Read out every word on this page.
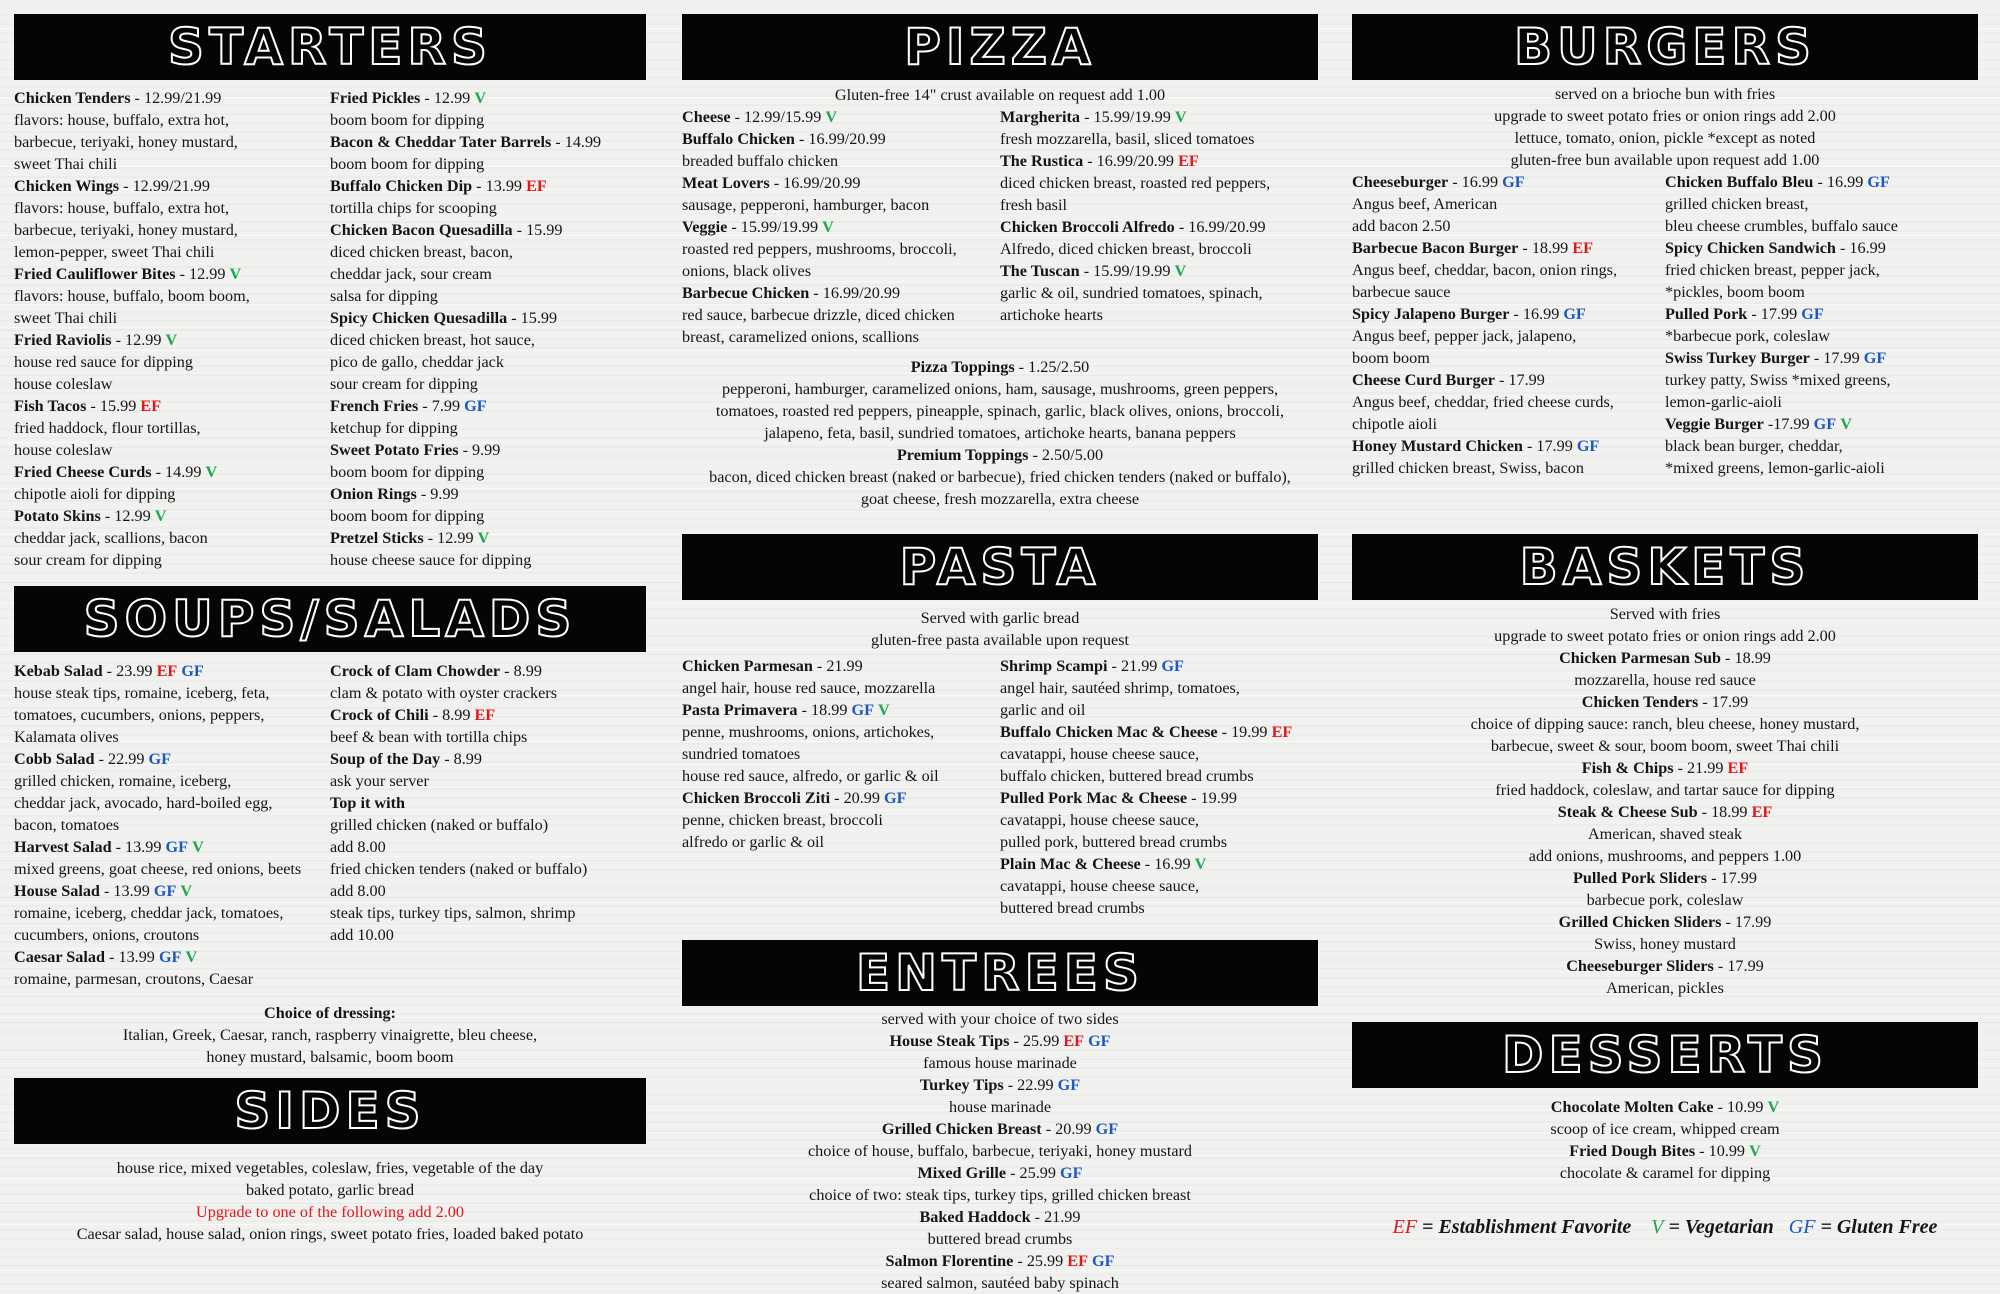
STARTERS
Chicken Tenders - 12.99/21.99
flavors: house, buffalo, extra hot,
barbecue, teriyaki, honey mustard,
sweet Thai chili
Chicken Wings - 12.99/21.99
flavors: house, buffalo, extra hot,
barbecue, teriyaki, honey mustard,
lemon-pepper, sweet Thai chili
Fried Cauliflower Bites - 12.99 V
flavors: house, buffalo, boom boom,
sweet Thai chili
Fried Raviolis - 12.99 V
house red sauce for dipping
house coleslaw
Fish Tacos - 15.99 EF
fried haddock, flour tortillas,
house coleslaw
Fried Cheese Curds - 14.99 V
chipotle aioli for dipping
Potato Skins - 12.99 V
cheddar jack, scallions, bacon
sour cream for dipping
Fried Pickles - 12.99 V
boom boom for dipping
Bacon & Cheddar Tater Barrels - 14.99
boom boom for dipping
Buffalo Chicken Dip - 13.99 EF
tortilla chips for scooping
Chicken Bacon Quesadilla - 15.99
diced chicken breast, bacon,
cheddar jack, sour cream
salsa for dipping
Spicy Chicken Quesadilla - 15.99
diced chicken breast, hot sauce,
pico de gallo, cheddar jack
sour cream for dipping
French Fries - 7.99 GF
ketchup for dipping
Sweet Potato Fries - 9.99
boom boom for dipping
Onion Rings - 9.99
boom boom for dipping
Pretzel Sticks - 12.99 V
house cheese sauce for dipping
SOUPS/SALADS
Kebab Salad - 23.99 EF GF
house steak tips, romaine, iceberg, feta,
tomatoes, cucumbers, onions, peppers,
Kalamata olives
Cobb Salad - 22.99 GF
grilled chicken, romaine, iceberg,
cheddar jack, avocado, hard-boiled egg,
bacon, tomatoes
Harvest Salad - 13.99 GF V
mixed greens, goat cheese, red onions, beets
House Salad - 13.99 GF V
romaine, iceberg, cheddar jack, tomatoes,
cucumbers, onions, croutons
Caesar Salad - 13.99 GF V
romaine, parmesan, croutons, Caesar
Crock of Clam Chowder - 8.99
clam & potato with oyster crackers
Crock of Chili - 8.99 EF
beef & bean with tortilla chips
Soup of the Day - 8.99
ask your server
Top it with
grilled chicken (naked or buffalo)
add 8.00
fried chicken tenders (naked or buffalo)
add 8.00
steak tips, turkey tips, salmon, shrimp
add 10.00
Choice of dressing:
Italian, Greek, Caesar, ranch, raspberry vinaigrette, bleu cheese,
honey mustard, balsamic, boom boom
SIDES
house rice, mixed vegetables, coleslaw, fries, vegetable of the day
baked potato, garlic bread
Upgrade to one of the following add 2.00
Caesar salad, house salad, onion rings, sweet potato fries, loaded baked potato
PIZZA
Gluten-free 14" crust available on request add 1.00
Cheese - 12.99/15.99 V
Buffalo Chicken - 16.99/20.99
breaded buffalo chicken
Meat Lovers - 16.99/20.99
sausage, pepperoni, hamburger, bacon
Veggie - 15.99/19.99 V
roasted red peppers, mushrooms, broccoli,
onions, black olives
Barbecue Chicken - 16.99/20.99
red sauce, barbecue drizzle, diced chicken
breast, caramelized onions, scallions
Margherita - 15.99/19.99 V
fresh mozzarella, basil, sliced tomatoes
The Rustica - 16.99/20.99 EF
diced chicken breast, roasted red peppers,
fresh basil
Chicken Broccoli Alfredo - 16.99/20.99
Alfredo, diced chicken breast, broccoli
The Tuscan - 15.99/19.99 V
garlic & oil, sundried tomatoes, spinach,
artichoke hearts
Pizza Toppings - 1.25/2.50
pepperoni, hamburger, caramelized onions, ham, sausage, mushrooms, green peppers,
tomatoes, roasted red peppers, pineapple, spinach, garlic, black olives, onions, broccoli,
jalapeno, feta, basil, sundried tomatoes, artichoke hearts, banana peppers
Premium Toppings - 2.50/5.00
bacon, diced chicken breast (naked or barbecue), fried chicken tenders (naked or buffalo),
goat cheese, fresh mozzarella, extra cheese
PASTA
Served with garlic bread
gluten-free pasta available upon request
Chicken Parmesan - 21.99
angel hair, house red sauce, mozzarella
Pasta Primavera - 18.99 GF V
penne, mushrooms, onions, artichokes,
sundried tomatoes
house red sauce, alfredo, or garlic & oil
Chicken Broccoli Ziti - 20.99 GF
penne, chicken breast, broccoli
alfredo or garlic & oil
Shrimp Scampi - 21.99 GF
angel hair, sautéed shrimp, tomatoes,
garlic and oil
Buffalo Chicken Mac & Cheese - 19.99 EF
cavatappi, house cheese sauce,
buffalo chicken, buttered bread crumbs
Pulled Pork Mac & Cheese - 19.99
cavatappi, house cheese sauce,
pulled pork, buttered bread crumbs
Plain Mac & Cheese - 16.99 V
cavatappi, house cheese sauce,
buttered bread crumbs
ENTREES
served with your choice of two sides
House Steak Tips - 25.99 EF GF
famous house marinade
Turkey Tips - 22.99 GF
house marinade
Grilled Chicken Breast - 20.99 GF
choice of house, buffalo, barbecue, teriyaki, honey mustard
Mixed Grille - 25.99 GF
choice of two: steak tips, turkey tips, grilled chicken breast
Baked Haddock - 21.99
buttered bread crumbs
Salmon Florentine - 25.99 EF GF
seared salmon, sautéed baby spinach
BURGERS
served on a brioche bun with fries
upgrade to sweet potato fries or onion rings add 2.00
lettuce, tomato, onion, pickle *except as noted
gluten-free bun available upon request add 1.00
Cheeseburger - 16.99 GF
Angus beef, American
add bacon 2.50
Barbecue Bacon Burger - 18.99 EF
Angus beef, cheddar, bacon, onion rings,
barbecue sauce
Spicy Jalapeno Burger - 16.99 GF
Angus beef, pepper jack, jalapeno,
boom boom
Cheese Curd Burger - 17.99
Angus beef, cheddar, fried cheese curds,
chipotle aioli
Honey Mustard Chicken - 17.99 GF
grilled chicken breast, Swiss, bacon
Chicken Buffalo Bleu - 16.99 GF
grilled chicken breast,
bleu cheese crumbles, buffalo sauce
Spicy Chicken Sandwich - 16.99
fried chicken breast, pepper jack,
*pickles, boom boom
Pulled Pork - 17.99 GF
*barbecue pork, coleslaw
Swiss Turkey Burger - 17.99 GF
turkey patty, Swiss *mixed greens,
lemon-garlic-aioli
Veggie Burger -17.99 GF V
black bean burger, cheddar,
*mixed greens, lemon-garlic-aioli
BASKETS
Served with fries
upgrade to sweet potato fries or onion rings add 2.00
Chicken Parmesan Sub - 18.99
mozzarella, house red sauce
Chicken Tenders - 17.99
choice of dipping sauce: ranch, bleu cheese, honey mustard,
barbecue, sweet & sour, boom boom, sweet Thai chili
Fish & Chips - 21.99 EF
fried haddock, coleslaw, and tartar sauce for dipping
Steak & Cheese Sub - 18.99 EF
American, shaved steak
add onions, mushrooms, and peppers 1.00
Pulled Pork Sliders - 17.99
barbecue pork, coleslaw
Grilled Chicken Sliders - 17.99
Swiss, honey mustard
Cheeseburger Sliders - 17.99
American, pickles
DESSERTS
Chocolate Molten Cake - 10.99 V
scoop of ice cream, whipped cream
Fried Dough Bites - 10.99 V
chocolate & caramel for dipping
EF = Establishment Favorite V = Vegetarian GF = Gluten Free
